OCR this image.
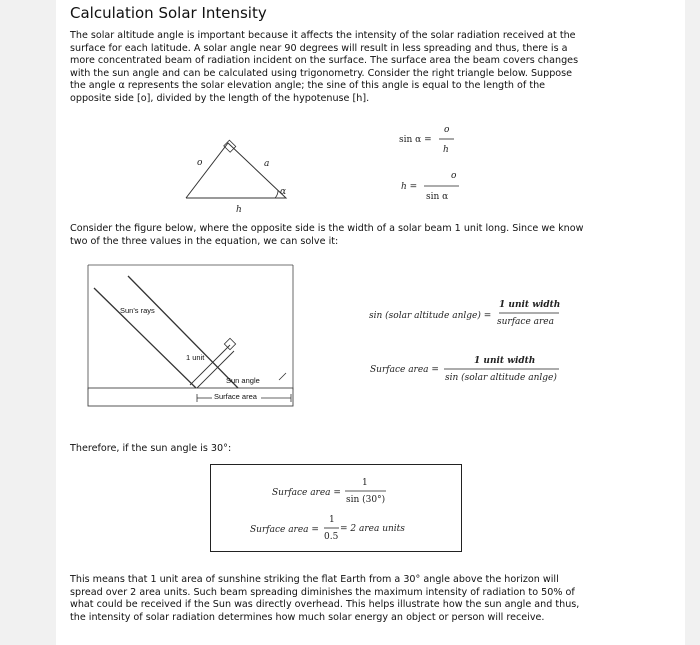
Calculation Solar Intensity
The solar altitude angle is important because it affects the intensity of the solar radiation received at the surface for each latitude. A solar angle near 90 degrees will result in less spreading and thus, there is a more concentrated beam of radiation incident on the surface. The surface area the beam covers changes with the sun angle and can be calculated using trigonometry. Consider the right triangle below. Suppose the angle α represents the solar elevation angle; the sine of this angle is equal to the length of the opposite side [o], divided by the length of the hypotenuse [h].
Consider the figure below, where the opposite side is the width of a solar beam 1 unit long. Since we know two of the three values in the equation, we can solve it:
Therefore, if the sun angle is 30°:
This means that 1 unit area of sunshine striking the flat Earth from a 30° angle above the horizon will spread over 2 area units. Such beam spreading diminishes the maximum intensity of radiation to 50% of what could be received if the Sun was directly overhead. This helps illustrate how the sun angle and thus, the intensity of solar radiation determines how much solar energy an object or person will receive.
o	a
α
h
sin α =
o
h
h =
o
sin α
Sun's rays
1 unit
Sun angle
Surface area
sin (solar altitude anlge) =
1 unit width
surface area
Surface area =
1 unit width
sin (solar altitude anlge)
Surface area =
1
sin (30°)
Surface area =
1
0.5
= 2 area units
